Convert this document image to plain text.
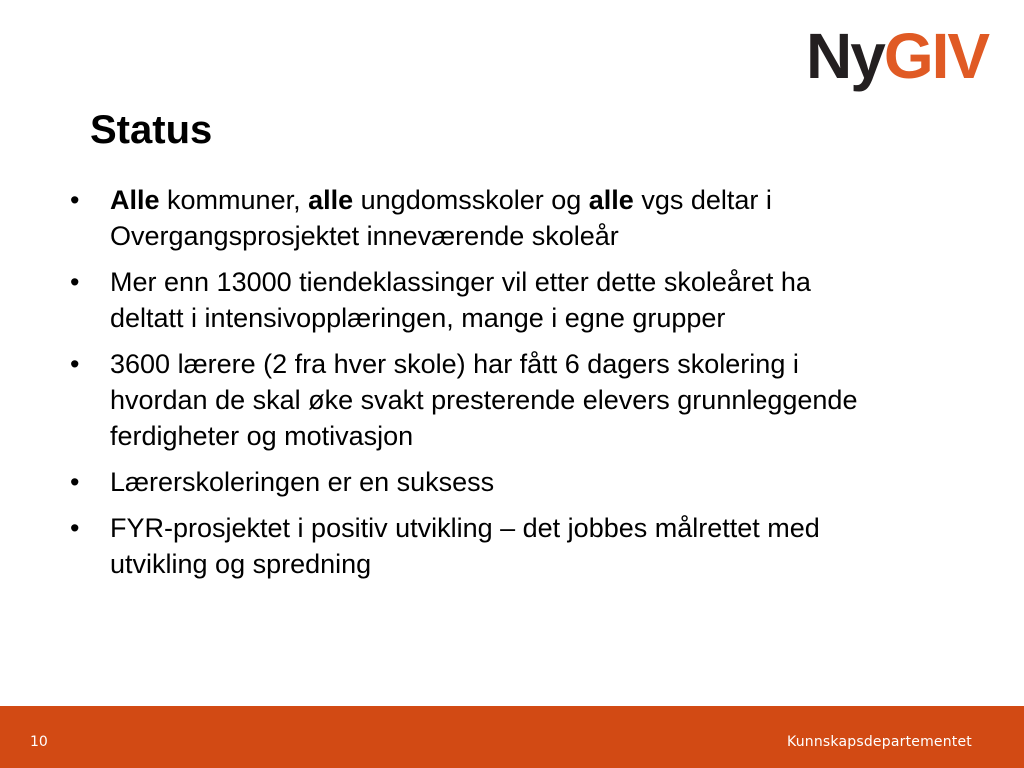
NyGIV
Status
•	Alle kommuner, alle ungdomsskoler og alle vgs deltar i Overgangsprosjektet inneværende skoleår
•	Mer enn 13000 tiendeklassinger vil etter dette skoleåret ha deltatt i intensivopplæringen, mange i egne grupper
•	3600 lærere (2 fra hver skole) har fått 6 dagers skolering i hvordan de skal øke svakt presterende elevers grunnleggende ferdigheter og motivasjon
•	Lærerskoleringen er en suksess
•	FYR-prosjektet i positiv utvikling – det jobbes målrettet med utvikling og spredning
10	Kunnskapsdepartementet
